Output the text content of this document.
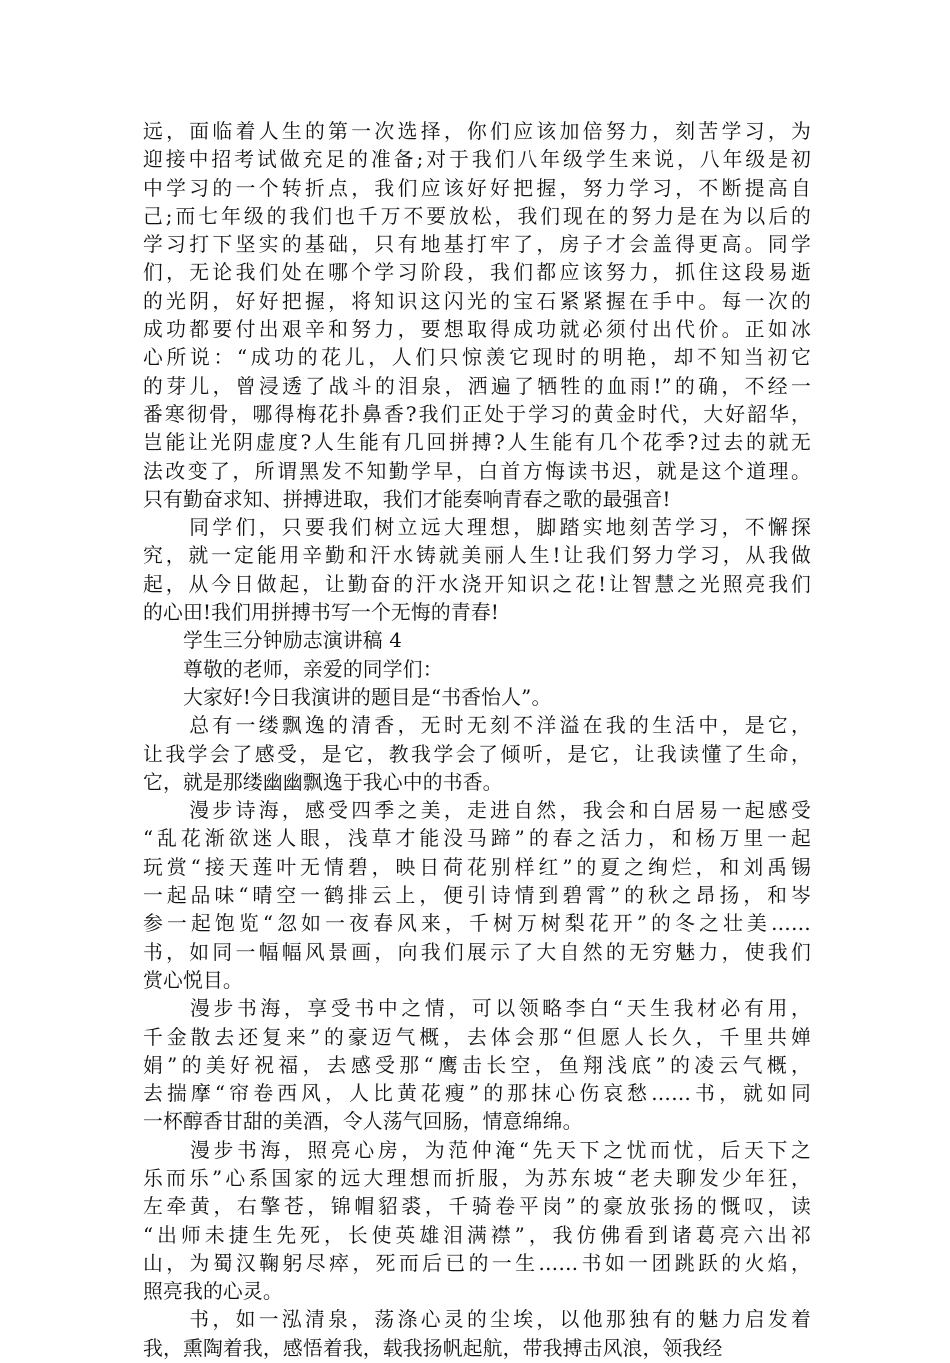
远，面临着人生的第一次选择，你们应该加倍努力，刻苦学习，为
迎接中招考试做充足的准备;对于我们八年级学生来说，八年级是初
中学习的一个转折点，我们应该好好把握，努力学习，不断提高自
己;而七年级的我们也千万不要放松，我们现在的努力是在为以后的
学习打下坚实的基础，只有地基打牢了，房子才会盖得更高。同学
们，无论我们处在哪个学习阶段，我们都应该努力，抓住这段易逝
的光阴，好好把握，将知识这闪光的宝石紧紧握在手中。每一次的
成功都要付出艰辛和努力，要想取得成功就必须付出代价。正如冰
心所说：“成功的花儿，人们只惊羡它现时的明艳，却不知当初它
的芽儿，曾浸透了战斗的泪泉，洒遍了牺牲的血雨!”的确，不经一
番寒彻骨，哪得梅花扑鼻香?我们正处于学习的黄金时代，大好韶华，
岂能让光阴虚度?人生能有几回拼搏?人生能有几个花季?过去的就无
法改变了，所谓黑发不知勤学早，白首方悔读书迟，就是这个道理。
只有勤奋求知、拼搏进取，我们才能奏响青春之歌的最强音!
　　同学们，只要我们树立远大理想，脚踏实地刻苦学习，不懈探
究，就一定能用辛勤和汗水铸就美丽人生!让我们努力学习，从我做
起，从今日做起，让勤奋的汗水浇开知识之花!让智慧之光照亮我们
的心田!我们用拼搏书写一个无悔的青春!
　　学生三分钟励志演讲稿 4
　　尊敬的老师，亲爱的同学们：
　　大家好!今日我演讲的题目是“书香怡人”。
　　总有一缕飘逸的清香，无时无刻不洋溢在我的生活中，是它，
让我学会了感受，是它，教我学会了倾听，是它，让我读懂了生命，
它，就是那缕幽幽飘逸于我心中的书香。
　　漫步诗海，感受四季之美，走进自然，我会和白居易一起感受
“乱花渐欲迷人眼，浅草才能没马蹄”的春之活力，和杨万里一起
玩赏“接天莲叶无情碧，映日荷花别样红”的夏之绚烂，和刘禹锡
一起品味“晴空一鹤排云上，便引诗情到碧霄”的秋之昂扬，和岑
参一起饱览“忽如一夜春风来，千树万树梨花开”的冬之壮美……
书，如同一幅幅风景画，向我们展示了大自然的无穷魅力，使我们
赏心悦目。
　　漫步书海，享受书中之情，可以领略李白“天生我材必有用，
千金散去还复来”的豪迈气概，去体会那“但愿人长久，千里共婵
娟”的美好祝福，去感受那“鹰击长空，鱼翔浅底”的凌云气概，
去揣摩“帘卷西风，人比黄花瘦”的那抹心伤哀愁……书，就如同
一杯醇香甘甜的美酒，令人荡气回肠，情意绵绵。
　　漫步书海，照亮心房，为范仲淹“先天下之忧而忧，后天下之
乐而乐”心系国家的远大理想而折服，为苏东坡“老夫聊发少年狂，
左牵黄，右擎苍，锦帽貂裘，千骑卷平岗”的豪放张扬的慨叹，读
“出师未捷生先死，长使英雄泪满襟”，我仿佛看到诸葛亮六出祁
山，为蜀汉鞠躬尽瘁，死而后已的一生……书如一团跳跃的火焰，
照亮我的心灵。
　　书，如一泓清泉，荡涤心灵的尘埃，以他那独有的魅力启发着
我，熏陶着我，感悟着我，载我扬帆起航，带我搏击风浪，领我经
